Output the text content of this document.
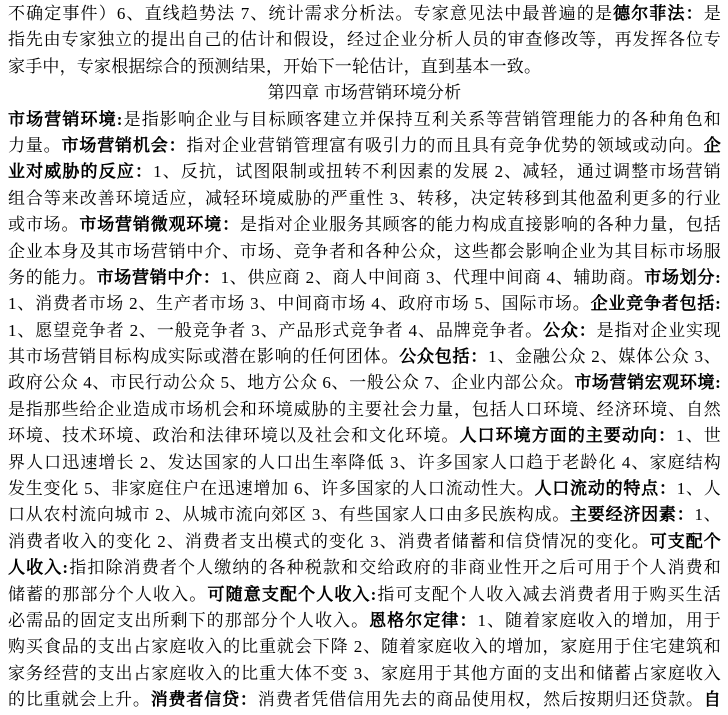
不确定事件）6、直线趋势法 7、统计需求分析法。专家意见法中最普遍的是德尔菲法：是
指先由专家独立的提出自己的估计和假设，经过企业分析人员的审查修改等，再发挥各位专
家手中，专家根据综合的预测结果，开始下一轮估计，直到基本一致。
第四章 市场营销环境分析
市场营销环境:是指影响企业与目标顾客建立并保持互利关系等营销管理能力的各种角色和
力量。市场营销机会：指对企业营销管理富有吸引力的而且具有竞争优势的领域或动向。企
业对威胁的反应：1、反抗，试图限制或扭转不利因素的发展 2、减轻，通过调整市场营销
组合等来改善环境适应，减轻环境威胁的严重性 3、转移，决定转移到其他盈利更多的行业
或市场。市场营销微观环境：是指对企业服务其顾客的能力构成直接影响的各种力量，包括
企业本身及其市场营销中介、市场、竞争者和各种公众，这些都会影响企业为其目标市场服
务的能力。市场营销中介：1、供应商 2、商人中间商 3、代理中间商 4、辅助商。市场划分:
1、消费者市场 2、生产者市场 3、中间商市场 4、政府市场 5、国际市场。企业竞争者包括:
1、愿望竞争者 2、一般竞争者 3、产品形式竞争者 4、品牌竞争者。公众：是指对企业实现
其市场营销目标构成实际或潜在影响的任何团体。公众包括：1、金融公众 2、媒体公众 3、
政府公众 4、市民行动公众 5、地方公众 6、一般公众 7、企业内部公众。市场营销宏观环境:
是指那些给企业造成市场机会和环境威胁的主要社会力量，包括人口环境、经济环境、自然
环境、技术环境、政治和法律环境以及社会和文化环境。人口环境方面的主要动向：1、世
界人口迅速增长 2、发达国家的人口出生率降低 3、许多国家人口趋于老龄化 4、家庭结构
发生变化 5、非家庭住户在迅速增加 6、许多国家的人口流动性大。人口流动的特点：1、人
口从农村流向城市 2、从城市流向郊区 3、有些国家人口由多民族构成。主要经济因素：1、
消费者收入的变化 2、消费者支出模式的变化 3、消费者储蓄和信贷情况的变化。可支配个
人收入:指扣除消费者个人缴纳的各种税款和交给政府的非商业性开之后可用于个人消费和
储蓄的那部分个人收入。可随意支配个人收入:指可支配个人收入减去消费者用于购买生活
必需品的固定支出所剩下的那部分个人收入。恩格尔定律：1、随着家庭收入的增加，用于
购买食品的支出占家庭收入的比重就会下降 2、随着家庭收入的增加，家庭用于住宅建筑和
家务经营的支出占家庭收入的比重大体不变 3、家庭用于其他方面的支出和储蓄占家庭收入
的比重就会上升。消费者信贷：消费者凭借信用先去的商品使用权，然后按期归还贷款。自
